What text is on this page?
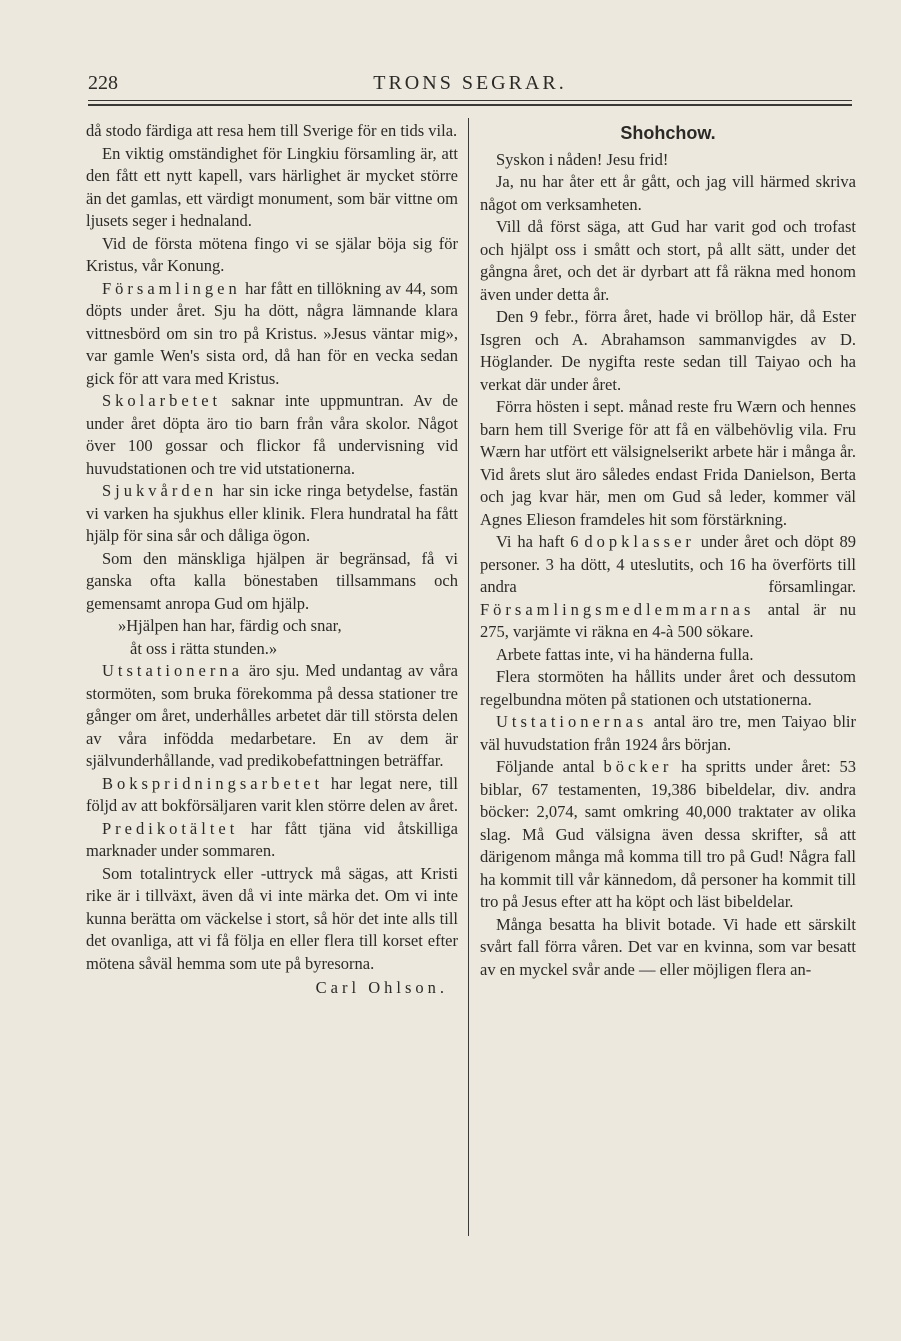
228	TRONS SEGRAR.

då stodo färdiga att resa hem till Sverige för en tids vila.

En viktig omständighet för Lingkiu församling är, att den fått ett nytt kapell, vars härlighet är mycket större än det gamlas, ett värdigt monument, som bär vittne om ljusets seger i hednaland.

Vid de första mötena fingo vi se själar böja sig för Kristus, vår Konung.

Församlingen har fått en tillökning av 44, som döpts under året. Sju ha dött, några lämnande klara vittnesbörd om sin tro på Kristus. »Jesus väntar mig», var gamle Wen's sista ord, då han för en vecka sedan gick för att vara med Kristus.

Skolarbetet saknar inte uppmuntran. Av de under året döpta äro tio barn från våra skolor. Något över 100 gossar och flickor få undervisning vid huvudstationen och tre vid utstationerna.

Sjukvården har sin icke ringa betydelse, fastän vi varken ha sjukhus eller klinik. Flera hundratal ha fått hjälp för sina sår och dåliga ögon.

Som den mänskliga hjälpen är begränsad, få vi ganska ofta kalla bönestaben tillsammans och gemensamt anropa Gud om hjälp.

»Hjälpen han har, färdig och snar,

åt oss i rätta stunden.»

Utstationerna äro sju. Med undantag av våra stormöten, som bruka förekomma på dessa stationer tre gånger om året, underhålles arbetet där till största delen av våra infödda medarbetare. En av dem är självunderhållande, vad predikobefattningen beträffar.

Bokspridningsarbetet har legat nere, till följd av att bokförsäljaren varit klen större delen av året.

Predikotältet har fått tjäna vid åtskilliga marknader under sommaren.

Som totalintryck eller -uttryck må sägas, att Kristi rike är i tillväxt, även då vi inte märka det. Om vi inte kunna berätta om väckelse i stort, så hör det inte alls till det ovanliga, att vi få följa en eller flera till korset efter mötena såväl hemma som ute på byresorna.

Carl Ohlson.
Shohchow.

Syskon i nåden! Jesu frid!

Ja, nu har åter ett år gått, och jag vill härmed skriva något om verksamheten.

Vill då först säga, att Gud har varit god och trofast och hjälpt oss i smått och stort, på allt sätt, under det gångna året, och det är dyrbart att få räkna med honom även under detta år.

Den 9 febr., förra året, hade vi bröllop här, då Ester Isgren och A. Abrahamson sammanvigdes av D. Höglander. De nygifta reste sedan till Taiyao och ha verkat där under året.

Förra hösten i sept. månad reste fru Wærn och hennes barn hem till Sverige för att få en välbehövlig vila. Fru Wærn har utfört ett välsignelserikt arbete här i många år. Vid årets slut äro således endast Frida Danielson, Berta och jag kvar här, men om Gud så leder, kommer väl Agnes Elieson framdeles hit som förstärkning.

Vi ha haft 6 dopklasser under året och döpt 89 personer. 3 ha dött, 4 uteslutits, och 16 ha överförts till andra församlingar. Församlingsmedlemmarnas antal är nu 275, varjämte vi räkna en 4-à 500 sökare.

Arbete fattas inte, vi ha händerna fulla.

Flera stormöten ha hållits under året och dessutom regelbundna möten på stationen och utstationerna.

Utstationernas antal äro tre, men Taiyao blir väl huvudstation från 1924 års början.

Följande antal böcker ha spritts under året: 53 biblar, 67 testamenten, 19,386 bibeldelar, div. andra böcker: 2,074, samt omkring 40,000 traktater av olika slag. Må Gud välsigna även dessa skrifter, så att därigenom många må komma till tro på Gud! Några fall ha kommit till vår kännedom, då personer ha kommit till tro på Jesus efter att ha köpt och läst bibeldelar.

Många besatta ha blivit botade. Vi hade ett särskilt svårt fall förra våren. Det var en kvinna, som var besatt av en myckel svår ande — eller möjligen flera an-
